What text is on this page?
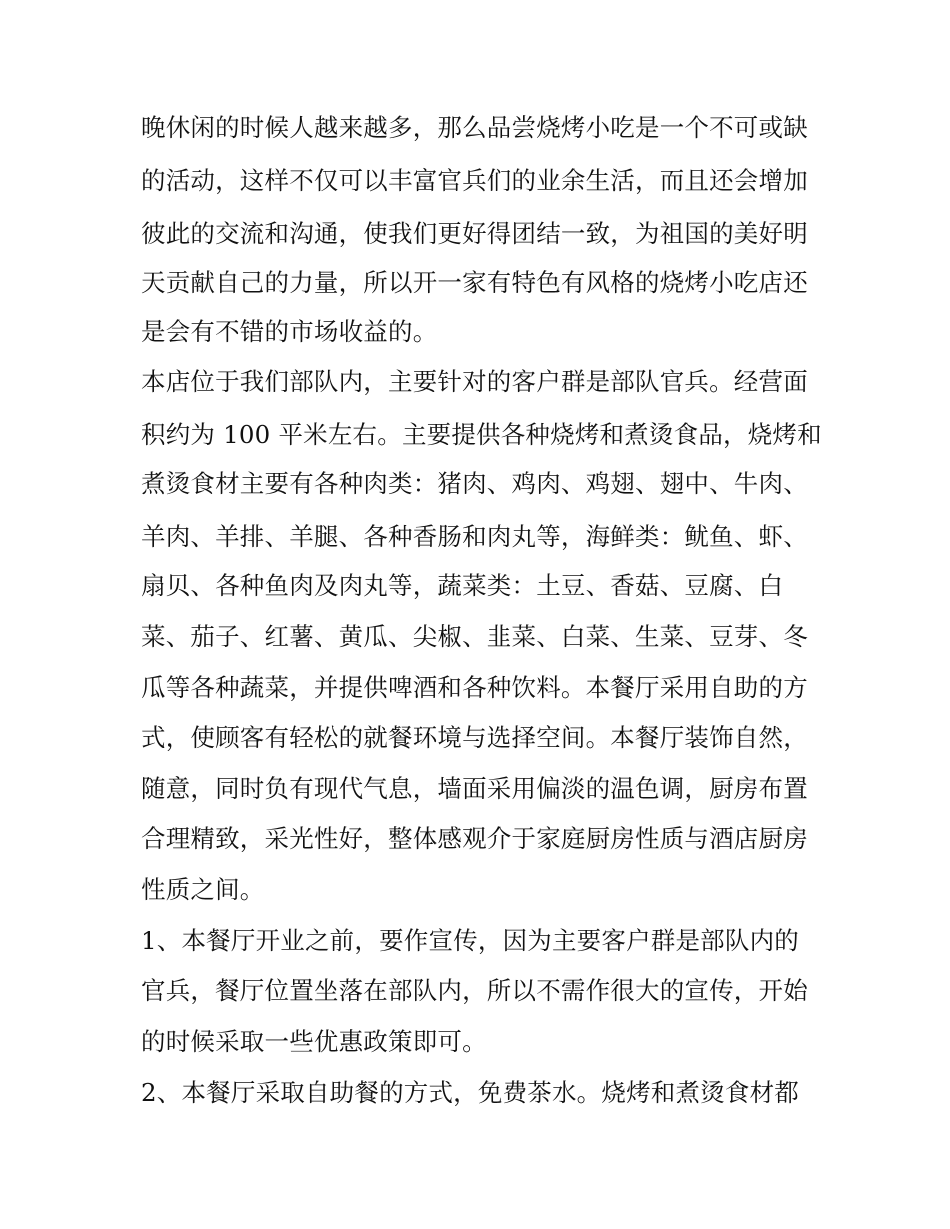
晚休闲的时候人越来越多，那么品尝烧烤小吃是一个不可或缺
的活动，这样不仅可以丰富官兵们的业余生活，而且还会增加
彼此的交流和沟通，使我们更好得团结一致，为祖国的美好明
天贡献自己的力量，所以开一家有特色有风格的烧烤小吃店还
是会有不错的市场收益的。
本店位于我们部队内，主要针对的客户群是部队官兵。经营面
积约为 100 平米左右。主要提供各种烧烤和煮烫食品，烧烤和
煮烫食材主要有各种肉类：猪肉、鸡肉、鸡翅、翅中、牛肉、
羊肉、羊排、羊腿、各种香肠和肉丸等，海鲜类：鱿鱼、虾、
扇贝、各种鱼肉及肉丸等，蔬菜类：土豆、香菇、豆腐、白
菜、茄子、红薯、黄瓜、尖椒、韭菜、白菜、生菜、豆芽、冬
瓜等各种蔬菜，并提供啤酒和各种饮料。本餐厅采用自助的方
式，使顾客有轻松的就餐环境与选择空间。本餐厅装饰自然，
随意，同时负有现代气息，墙面采用偏淡的温色调，厨房布置
合理精致，采光性好，整体感观介于家庭厨房性质与酒店厨房
性质之间。
1、本餐厅开业之前，要作宣传，因为主要客户群是部队内的
官兵，餐厅位置坐落在部队内，所以不需作很大的宣传，开始
的时候采取一些优惠政策即可。
2、本餐厅采取自助餐的方式，免费茶水。烧烤和煮烫食材都
